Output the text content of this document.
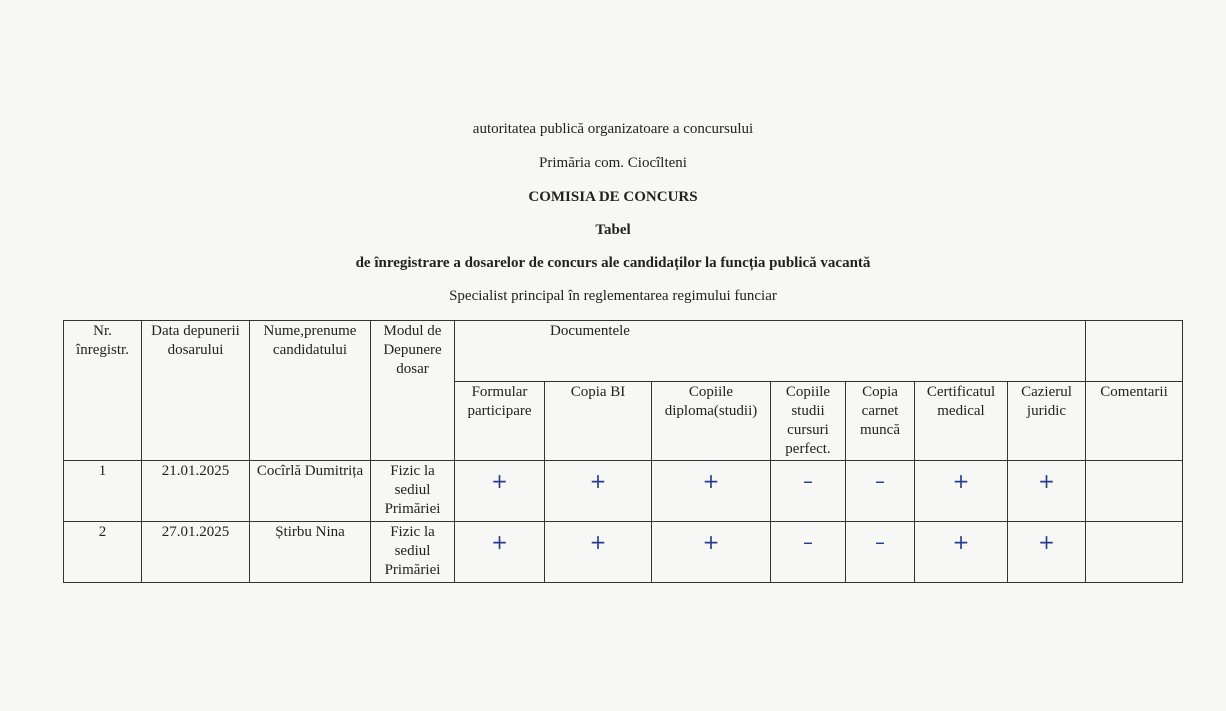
autoritatea publică organizatoare a concursului
Primăria com. Ciocîlteni
COMISIA DE CONCURS
Tabel
de înregistrare a dosarelor de concurs ale candidaților la funcția publică vacantă
Specialist principal în reglementarea regimului funciar
Nr. înregistr.	Data depunerii dosarului	Nume,prenume candidatului	Modul de Depunere dosar	Documentele							
				Formular participare	Copia BI	Copiile diploma(studii)	Copiile studii cursuri perfect.	Copia carnet muncă	Certificatul medical	Cazierul juridic	Comentarii
1	21.01.2025	Cocîrlă Dumitrița	Fizic la sediul Primăriei	+	+	+	–	–	+	+	

2	27.01.2025	Știrbu Nina	Fizic la sediul Primăriei	+	+	+	–	–	+	+	
